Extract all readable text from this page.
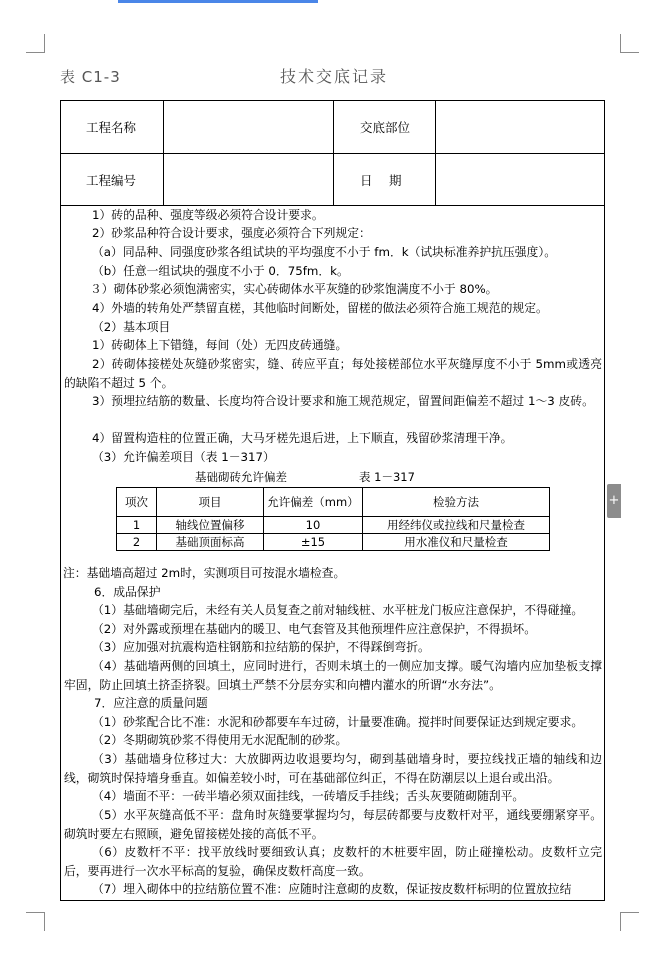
表 C1-3	技术交底记录
+
工程名称	交底部位
工程编号	日　 期
1）砖的品种、强度等级必须符合设计要求。
2）砂浆品种符合设计要求，强度必须符合下列规定：
（a）同品种、同强度砂浆各组试块的平均强度不小于 fm．k（试块标准养护抗压强度）。
（b）任意一组试块的强度不小于 0．75fm．k。
３）砌体砂浆必须饱满密实，实心砖砌体水平灰缝的砂浆饱满度不小于 80%。
4）外墙的转角处严禁留直槎，其他临时间断处，留槎的做法必须符合施工规范的规定。
（2）基本项目
1）砖砌体上下错缝，每间（处）无四皮砖通缝。
2）砖砌体接槎处灰缝砂浆密实，缝、砖应平直；每处接槎部位水平灰缝厚度不小于 5mm或透亮的缺陷不超过 5 个。
3）预埋拉结筋的数量、长度均符合设计要求和施工规范规定，留置间距偏差不超过 1～3 皮砖。
4）留置构造柱的位置正确，大马牙槎先退后进，上下顺直，残留砂浆清理干净。
（3）允许偏差项目（表 1－317）
基础砌砖允许偏差	表 1－317
项次	项目	允许偏差（mm）	检验方法
1	轴线位置偏移	10	用经纬仪或拉线和尺量检查
2	基础顶面标高	±15	用水准仪和尺量检查
注：基础墙高超过 2m时，实测项目可按混水墙检查。
6．成品保护
（1）基础墙砌完后，未经有关人员复查之前对轴线桩、水平桩龙门板应注意保护，不得碰撞。
（2）对外露或预埋在基础内的暖卫、电气套管及其他预埋件应注意保护，不得损坏。
（3）应加强对抗震构造柱钢筋和拉结筋的保护，不得踩倒弯折。
（4）基础墙两侧的回填土，应同时进行，否则未填土的一侧应加支撑。暖气沟墙内应加垫板支撑牢固，防止回填土挤歪挤裂。回填土严禁不分层夯实和向槽内灌水的所谓“水夯法”。
7．应注意的质量问题
（1）砂浆配合比不准：水泥和砂都要车车过磅，计量要准确。搅拌时间要保证达到规定要求。
（2）冬期砌筑砂浆不得使用无水泥配制的砂浆。
（3）基础墙身位移过大：大放脚两边收退要均匀，砌到基础墙身时，要拉线找正墙的轴线和边线，砌筑时保持墙身垂直。如偏差较小时，可在基础部位纠正，不得在防潮层以上退台或出沿。
（4）墙面不平：一砖半墙必须双面挂线，一砖墙反手挂线；舌头灰要随砌随刮平。
（5）水平灰缝高低不平：盘角时灰缝要掌握均匀，每层砖都要与皮数杆对平，通线要绷紧穿平。砌筑时要左右照顾，避免留接槎处接的高低不平。
（6）皮数杆不平：找平放线时要细致认真；皮数杆的木桩要牢固，防止碰撞松动。皮数杆立完后，要再进行一次水平标高的复验，确保皮数杆高度一致。
（7）埋入砌体中的拉结筋位置不准：应随时注意砌的皮数，保证按皮数杆标明的位置放拉结
